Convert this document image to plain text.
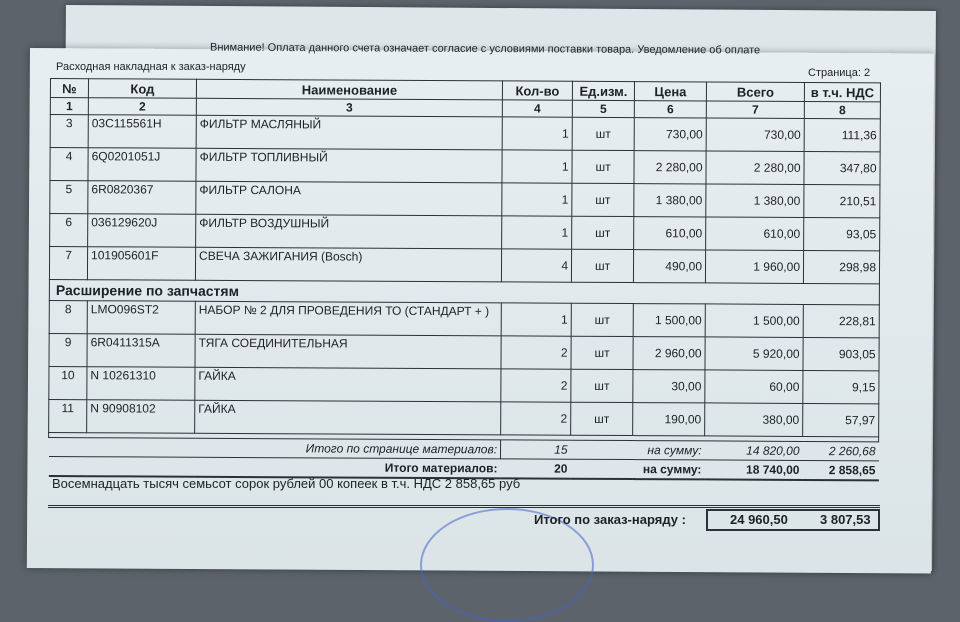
Внимание! Оплата данного счета означает согласие с условиями поставки товара. Уведомление об оплате
Расходная накладная к заказ-наряду	Страница: 2
№	Код	Наименование	Кол-во	Ед.изм.	Цена	Всего	в т.ч. НДС
1	2	3	4	5	6	7	8
3	03C115561H	ФИЛЬТР МАСЛЯНЫЙ	1	шт	730,00	730,00	111,36
4	6Q0201051J	ФИЛЬТР ТОПЛИВНЫЙ	1	шт	2 280,00	2 280,00	347,80
5	6R0820367	ФИЛЬТР САЛОНА	1	шт	1 380,00	1 380,00	210,51
6	036129620J	ФИЛЬТР ВОЗДУШНЫЙ	1	шт	610,00	610,00	93,05
7	101905601F	СВЕЧА ЗАЖИГАНИЯ (Bosch)	4	шт	490,00	1 960,00	298,98
Расширение по запчастям							
8	LMO096ST2	НАБОР № 2 ДЛЯ ПРОВЕДЕНИЯ ТО (СТАНДАРТ + )	1	шт	1 500,00	1 500,00	228,81
9	6R0411315A	ТЯГА СОЕДИНИТЕЛЬНАЯ	2	шт	2 960,00	5 920,00	903,05
10	N 10261310	ГАЙКА	2	шт	30,00	60,00	9,15
11	N 90908102	ГАЙКА	2	шт	190,00	380,00	57,97

Итого по странице материалов:			15	на сумму:		14 820,00	2 260,68
Итого материалов:			20	на сумму:		18 740,00	2 858,65
Восемнадцать тысяч семьсот сорок рублей 00 копеек в т.ч. НДС 2 858,65 руб
Итого по заказ-наряду :	24 960,50 3 807,53
